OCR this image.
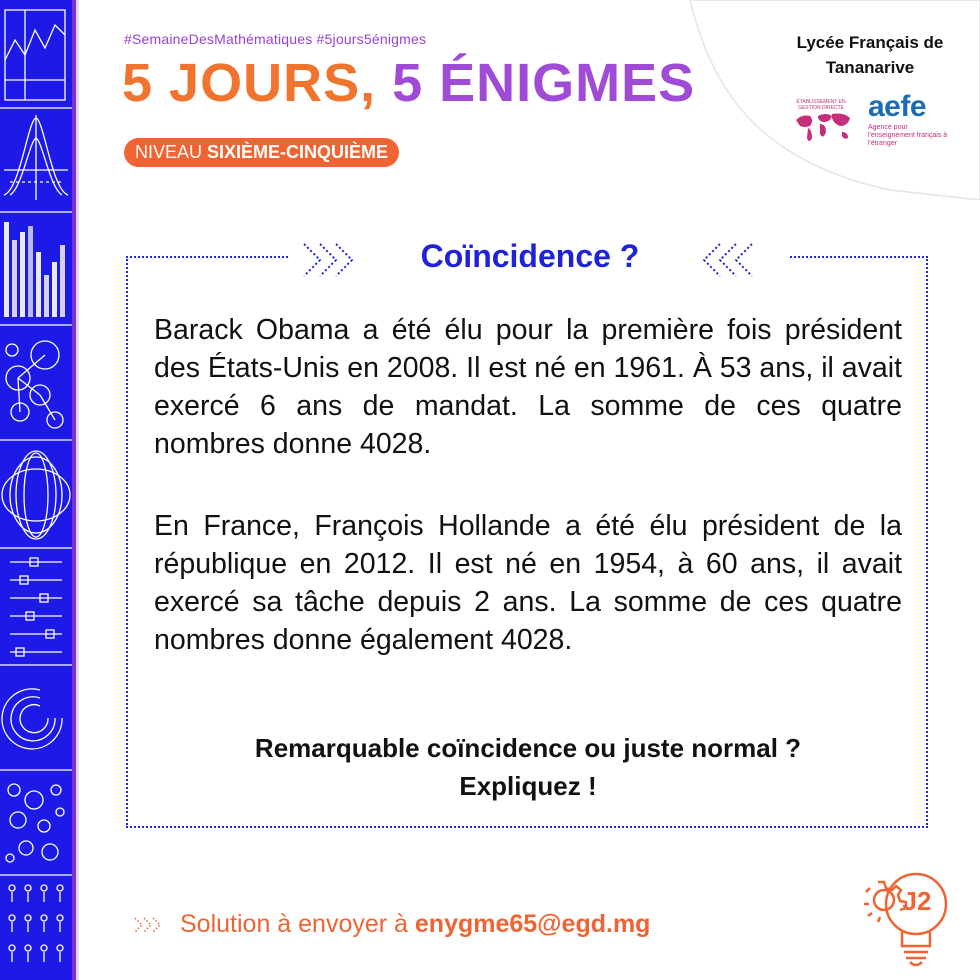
#SemaineDesMathématiques #5jours5énigmes
5 JOURS, 5 ÉNIGMES
NIVEAU SIXIÈME-CINQUIÈME
Lycée Français de Tananarive
ÉTABLISSEMENT EN GESTION DIRECTE aefe
Agence pour l'enseignement français à l'étranger
Coïncidence ?
Barack Obama a été élu pour la première fois président des États-Unis en 2008. Il est né en 1961. À 53 ans, il avait exercé 6 ans de mandat. La somme de ces quatre nombres donne 4028.
En France, François Hollande a été élu président de la république en 2012. Il est né en 1954, à 60 ans, il avait exercé sa tâche depuis 2 ans. La somme de ces quatre nombres donne également 4028.
Remarquable coïncidence ou juste normal ?
Expliquez !
Solution à envoyer à enygme65@egd.mg
J2
